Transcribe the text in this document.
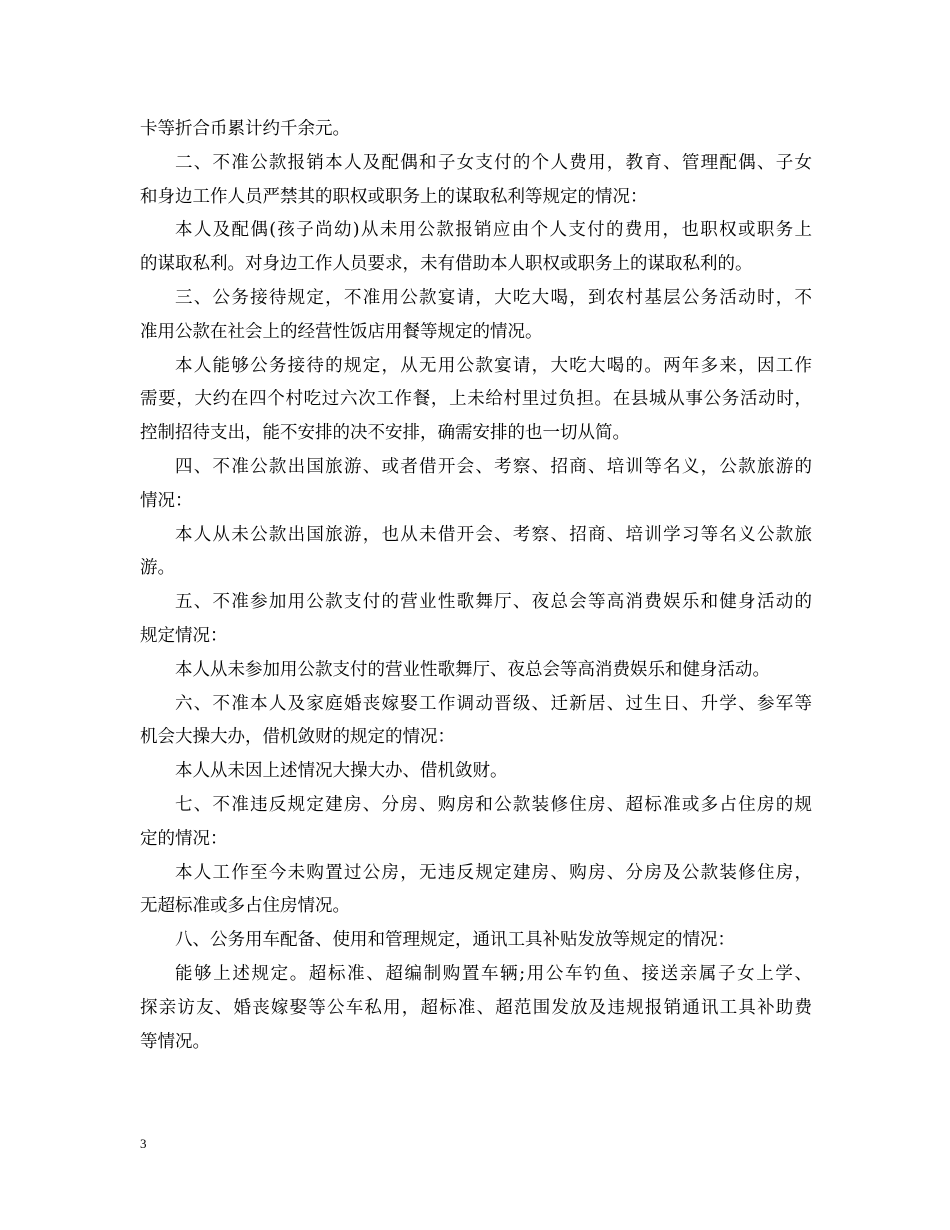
卡等折合币累计约千余元。
二、不准公款报销本人及配偶和子女支付的个人费用，教育、管理配偶、子女
和身边工作人员严禁其的职权或职务上的谋取私利等规定的情况：
本人及配偶(孩子尚幼)从未用公款报销应由个人支付的费用，也职权或职务上
的谋取私利。对身边工作人员要求，未有借助本人职权或职务上的谋取私利的。
三、公务接待规定，不准用公款宴请，大吃大喝，到农村基层公务活动时，不
准用公款在社会上的经营性饭店用餐等规定的情况。
本人能够公务接待的规定，从无用公款宴请，大吃大喝的。两年多来，因工作
需要，大约在四个村吃过六次工作餐，上未给村里过负担。在县城从事公务活动时，
控制招待支出，能不安排的决不安排，确需安排的也一切从简。
四、不准公款出国旅游、或者借开会、考察、招商、培训等名义，公款旅游的
情况：
本人从未公款出国旅游，也从未借开会、考察、招商、培训学习等名义公款旅
游。
五、不准参加用公款支付的营业性歌舞厅、夜总会等高消费娱乐和健身活动的
规定情况：
本人从未参加用公款支付的营业性歌舞厅、夜总会等高消费娱乐和健身活动。
六、不准本人及家庭婚丧嫁娶工作调动晋级、迁新居、过生日、升学、参军等
机会大操大办，借机敛财的规定的情况：
本人从未因上述情况大操大办、借机敛财。
七、不准违反规定建房、分房、购房和公款装修住房、超标准或多占住房的规
定的情况：
本人工作至今未购置过公房，无违反规定建房、购房、分房及公款装修住房，
无超标准或多占住房情况。
八、公务用车配备、使用和管理规定，通讯工具补贴发放等规定的情况：
能够上述规定。超标准、超编制购置车辆;用公车钓鱼、接送亲属子女上学、
探亲访友、婚丧嫁娶等公车私用，超标准、超范围发放及违规报销通讯工具补助费
等情况。
3
